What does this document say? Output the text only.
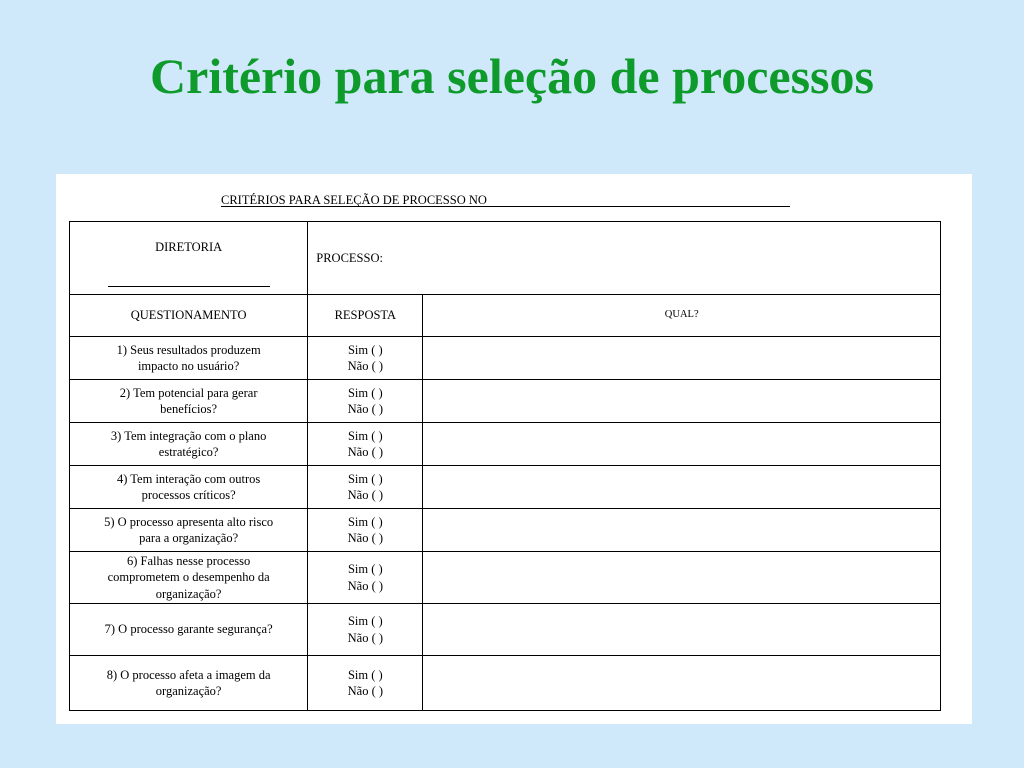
Critério para seleção de processos
CRITÉRIOS PARA SELEÇÃO DE PROCESSO NO
DIRETORIA	PROCESSO:	
QUESTIONAMENTO	RESPOSTA	QUAL?

1) Seus resultados produzem
impacto no usuário?	Sim ( )
Não ( )	

2) Tem potencial para gerar
benefícios?	Sim ( )
Não ( )	

3) Tem integração com o plano
estratégico?	Sim ( )
Não ( )	

4) Tem interação com outros
processos críticos?	Sim ( )
Não ( )	

5) O processo apresenta alto risco
para a organização?	Sim ( )
Não ( )	

6) Falhas nesse processo
comprometem o desempenho da
organização?	Sim ( )
Não ( )	

7) O processo garante segurança?	Sim ( )
Não ( )	

8) O processo afeta a imagem da
organização?	Sim ( )
Não ( )	
